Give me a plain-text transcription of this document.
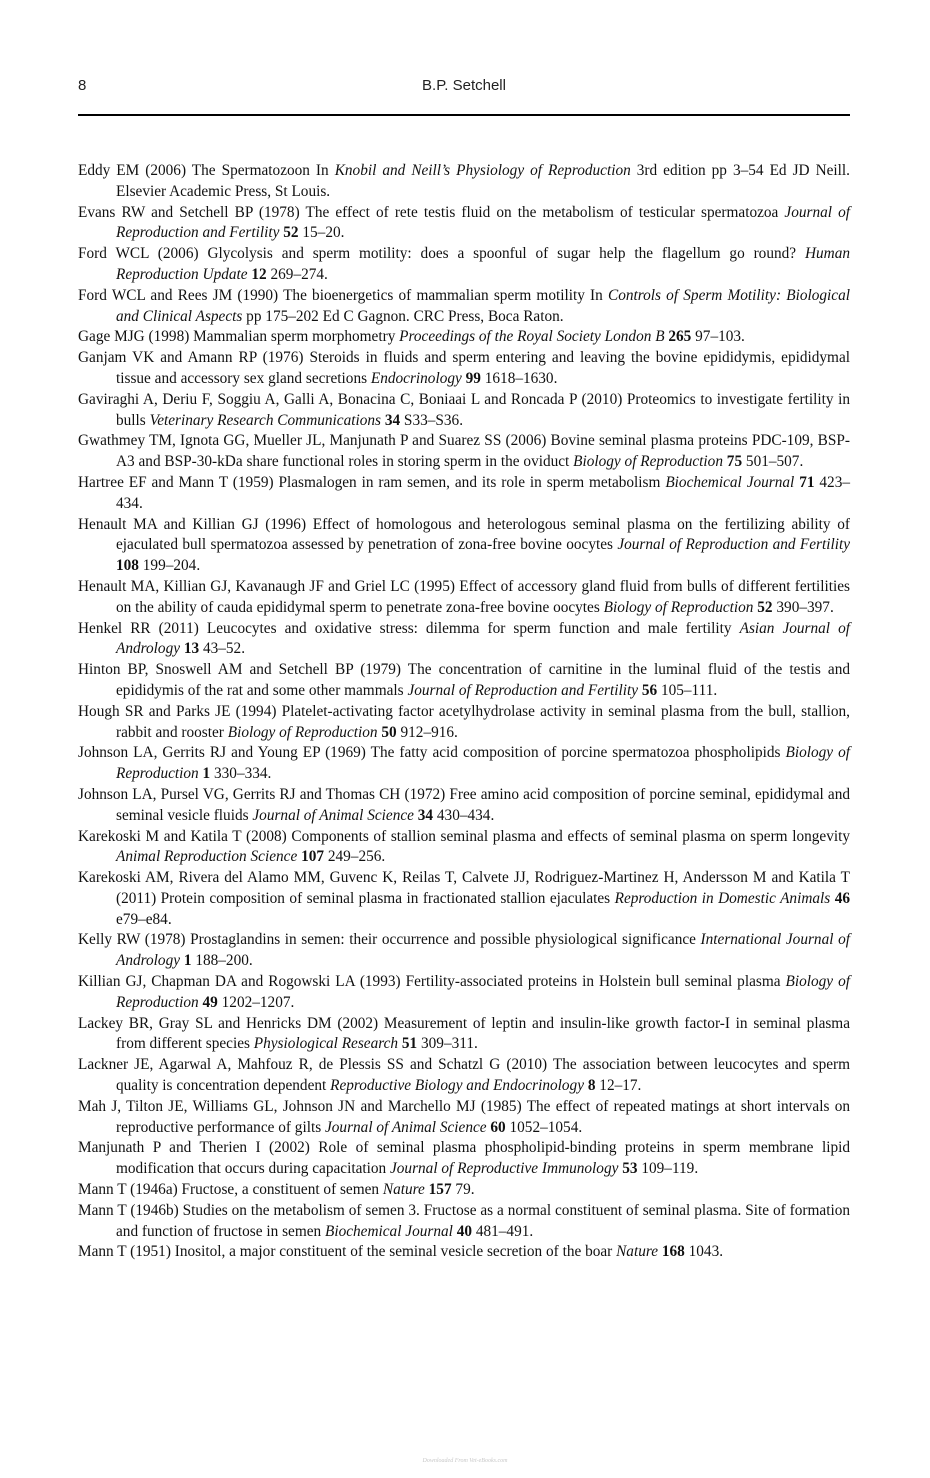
8	B.P. Setchell

Eddy EM (2006) The Spermatozoon In Knobil and Neill’s Physiology of Reproduction 3rd edition pp 3–54 Ed JD Neill. Elsevier Academic Press, St Louis.

Evans RW and Setchell BP (1978) The effect of rete testis fluid on the metabolism of testicular spermatozoa Journal of Reproduction and Fertility 52 15–20.

Ford WCL (2006) Glycolysis and sperm motility: does a spoonful of sugar help the flagellum go round? Human Reproduction Update 12 269–274.

Ford WCL and Rees JM (1990) The bioenergetics of mammalian sperm motility In Controls of Sperm Motility: Biological and Clinical Aspects pp 175–202 Ed C Gagnon. CRC Press, Boca Raton.

Gage MJG (1998) Mammalian sperm morphometry Proceedings of the Royal Society London B 265 97–103.

Ganjam VK and Amann RP (1976) Steroids in fluids and sperm entering and leaving the bovine epididymis, epididymal tissue and accessory sex gland secretions Endocrinology 99 1618–1630.

Gaviraghi A, Deriu F, Soggiu A, Galli A, Bonacina C, Boniaai L and Roncada P (2010) Proteomics to investigate fertility in bulls Veterinary Research Communications 34 S33–S36.

Gwathmey TM, Ignota GG, Mueller JL, Manjunath P and Suarez SS (2006) Bovine seminal plasma proteins PDC-109, BSP-A3 and BSP-30-kDa share functional roles in storing sperm in the oviduct Biology of Reproduction 75 501–507.

Hartree EF and Mann T (1959) Plasmalogen in ram semen, and its role in sperm metabolism Biochemical Journal 71 423–434.

Henault MA and Killian GJ (1996) Effect of homologous and heterologous seminal plasma on the fertilizing ability of ejaculated bull spermatozoa assessed by penetration of zona-free bovine oocytes Journal of Reproduction and Fertility 108 199–204.

Henault MA, Killian GJ, Kavanaugh JF and Griel LC (1995) Effect of accessory gland fluid from bulls of different fertilities on the ability of cauda epididymal sperm to penetrate zona-free bovine oocytes Biology of Reproduction 52 390–397.

Henkel RR (2011) Leucocytes and oxidative stress: dilemma for sperm function and male fertility Asian Journal of Andrology 13 43–52.

Hinton BP, Snoswell AM and Setchell BP (1979) The concentration of carnitine in the luminal fluid of the testis and epididymis of the rat and some other mammals Journal of Reproduction and Fertility 56 105–111.

Hough SR and Parks JE (1994) Platelet-activating factor acetylhydrolase activity in seminal plasma from the bull, stallion, rabbit and rooster Biology of Reproduction 50 912–916.

Johnson LA, Gerrits RJ and Young EP (1969) The fatty acid composition of porcine spermatozoa phospholipids Biology of Reproduction 1 330–334.

Johnson LA, Pursel VG, Gerrits RJ and Thomas CH (1972) Free amino acid composition of porcine seminal, epididymal and seminal vesicle fluids Journal of Animal Science 34 430–434.

Karekoski M and Katila T (2008) Components of stallion seminal plasma and effects of seminal plasma on sperm longevity Animal Reproduction Science 107 249–256.

Karekoski AM, Rivera del Alamo MM, Guvenc K, Reilas T, Calvete JJ, Rodriguez-Martinez H, Andersson M and Katila T (2011) Protein composition of seminal plasma in fractionated stallion ejaculates Reproduction in Domestic Animals 46 e79–e84.

Kelly RW (1978) Prostaglandins in semen: their occurrence and possible physiological significance International Journal of Andrology 1 188–200.

Killian GJ, Chapman DA and Rogowski LA (1993) Fertility-associated proteins in Holstein bull seminal plasma Biology of Reproduction 49 1202–1207.

Lackey BR, Gray SL and Henricks DM (2002) Measurement of leptin and insulin-like growth factor-I in seminal plasma from different species Physiological Research 51 309–311.

Lackner JE, Agarwal A, Mahfouz R, de Plessis SS and Schatzl G (2010) The association between leucocytes and sperm quality is concentration dependent Reproductive Biology and Endocrinology 8 12–17.

Mah J, Tilton JE, Williams GL, Johnson JN and Marchello MJ (1985) The effect of repeated matings at short intervals on reproductive performance of gilts Journal of Animal Science 60 1052–1054.

Manjunath P and Therien I (2002) Role of seminal plasma phospholipid-binding proteins in sperm membrane lipid modification that occurs during capacitation Journal of Reproductive Immunology 53 109–119.

Mann T (1946a) Fructose, a constituent of semen Nature 157 79.

Mann T (1946b) Studies on the metabolism of semen 3. Fructose as a normal constituent of seminal plasma. Site of formation and function of fructose in semen Biochemical Journal 40 481–491.

Mann T (1951) Inositol, a major constituent of the seminal vesicle secretion of the boar Nature 168 1043.

Downloaded From Vet-eBooks.com
